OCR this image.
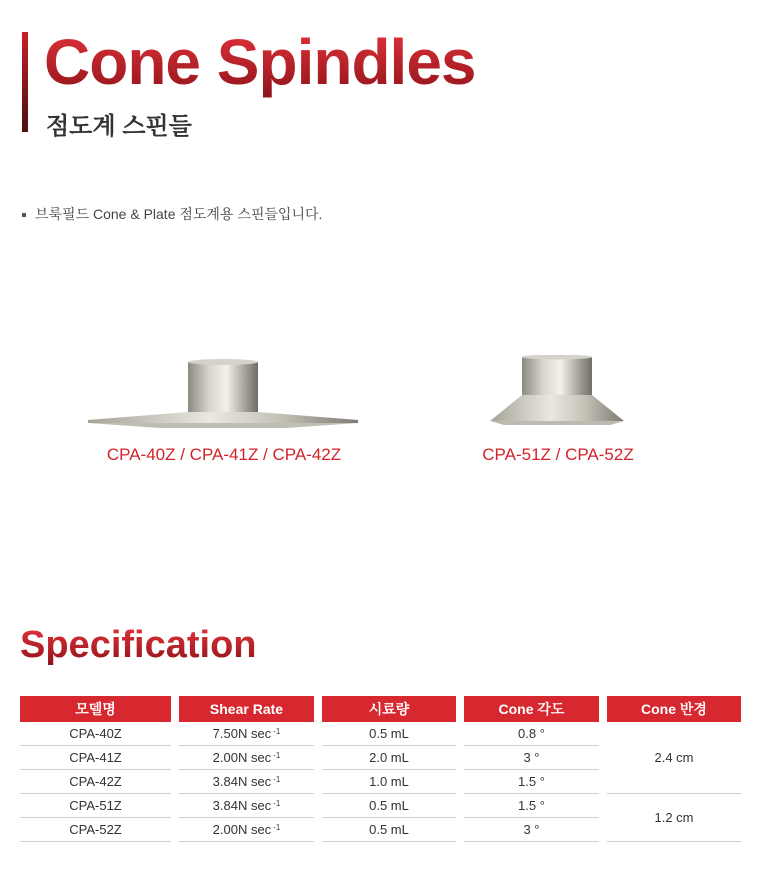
Cone Spindles
점도계 스핀들
브룩필드 Cone & Plate 점도계용 스핀들입니다.
CPA-40Z / CPA-41Z / CPA-42Z	CPA-51Z / CPA-52Z
Specification
모델명		Shear Rate		시료량		Cone 각도		Cone 반경
CPA-40Z		7.50N sec $^{-1}$		0.5 mL		0.8 °		2.4 cm
CPA-41Z		2.00N sec $^{-1}$		2.0 mL		3 °		
CPA-42Z		3.84N sec $^{-1}$		1.0 mL		1.5 °		
CPA-51Z		3.84N sec $^{-1}$		0.5 mL		1.5 °		1.2 cm
CPA-52Z		2.00N sec $^{-1}$		0.5 mL		3 °		
